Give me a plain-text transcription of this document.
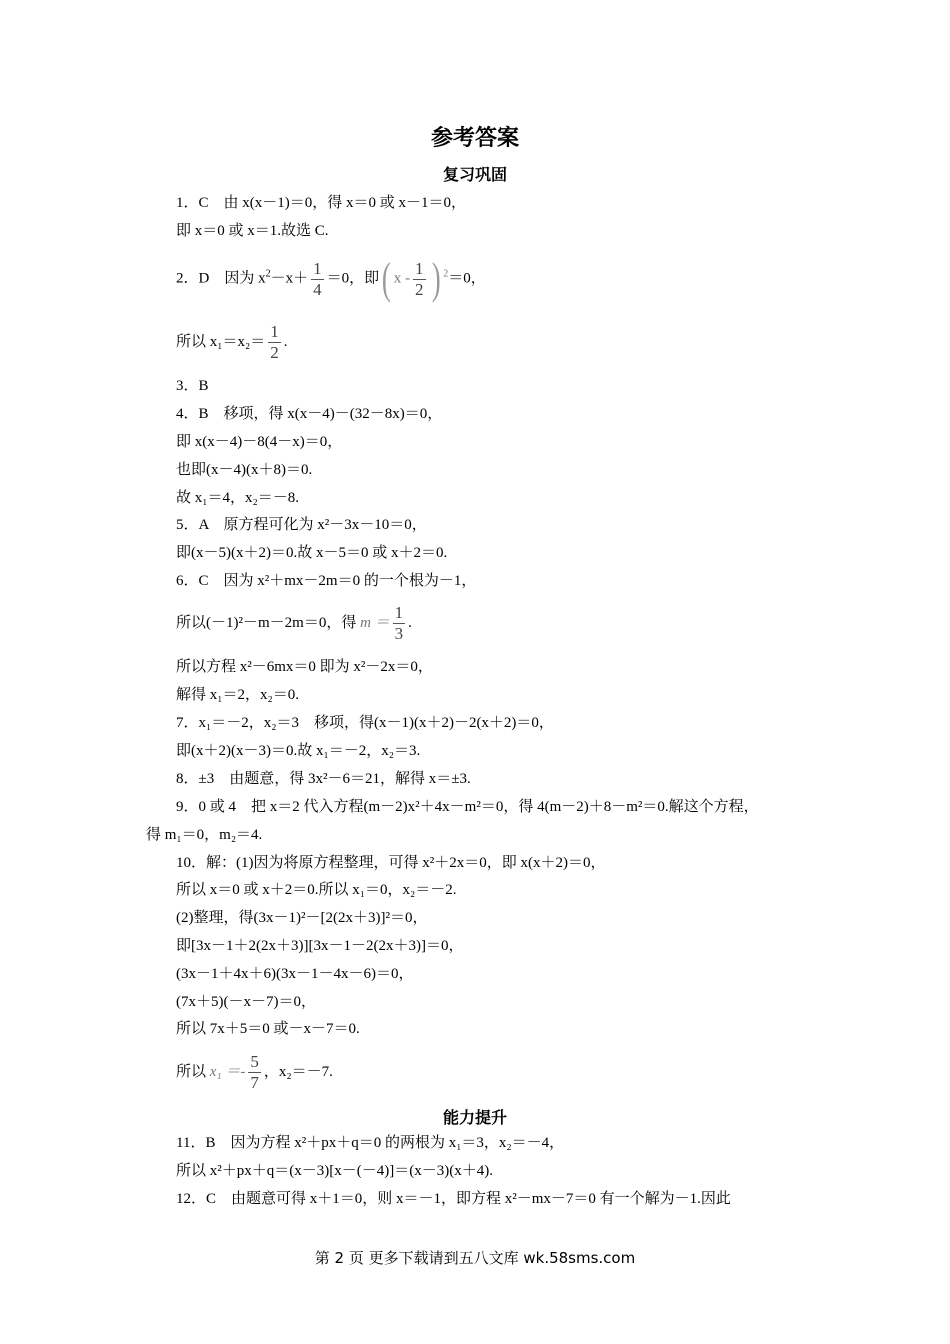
参考答案
复习巩固
1．C　由 x(x－1)＝0，得 x＝0 或 x－1＝0，
即 x＝0 或 x＝1.故选 C.
2．D　因为 $x^2-x+ \frac{1}{4} =0$，即( x - $\frac{1}{2}$ ) $^2$＝0，
所以 $x_1=x_2= \frac{1}{2}$ .
3．B
4．B　移项，得 x(x－4)－(32－8x)＝0，
即 x(x－4)－8(4－x)＝0，
也即(x－4)(x＋8)＝0.
故 x₁＝4，x₂＝－8.
5．A　原方程可化为 x²－3x－10＝0，
即(x－5)(x＋2)＝0.故 x－5＝0 或 x＋2＝0.
6．C　因为 x²＋mx－2m＝0 的一个根为－1，
所以(－1)²－m－2m＝0，得 $m = \frac{1}{3}$ .
所以方程 x²－6mx＝0 即为 x²－2x＝0，
解得 x₁＝2，x₂＝0.
7．x₁＝－2，x₂＝3　移项，得(x－1)(x＋2)－2(x＋2)＝0，
即(x＋2)(x－3)＝0.故 x₁＝－2，x₂＝3.
8．±3　由题意，得 3x²－6＝21，解得 x＝±3.
9．0 或 4　把 x＝2 代入方程(m－2)x²＋4x－m²＝0，得 4(m－2)＋8－m²＝0.解这个方程，
得 m₁＝0，m₂＝4.
10．解：(1)因为将原方程整理，可得 x²＋2x＝0，即 x(x＋2)＝0，
所以 x＝0 或 x＋2＝0.所以 x₁＝0，x₂＝－2.
(2)整理，得(3x－1)²－[2(2x＋3)]²＝0，
即[3x－1＋2(2x＋3)][3x－1－2(2x＋3)]＝0，
(3x－1＋4x＋6)(3x－1－4x－6)＝0，
(7x＋5)(－x－7)＝0，
所以 7x＋5＝0 或－x－7＝0.
所以 $x_1 =- \frac{5}{7}$ ，x₂＝－7.
能力提升
11．B　因为方程 x²＋px＋q＝0 的两根为 x₁＝3，x₂＝－4，
所以 x²＋px＋q＝(x－3)[x－(－4)]＝(x－3)(x＋4).
12．C　由题意可得 x＋1＝0，则 x＝－1，即方程 x²－mx－7＝0 有一个解为－1.因此
第 2 页 更多下载请到五八文库 wk.58sms.com
